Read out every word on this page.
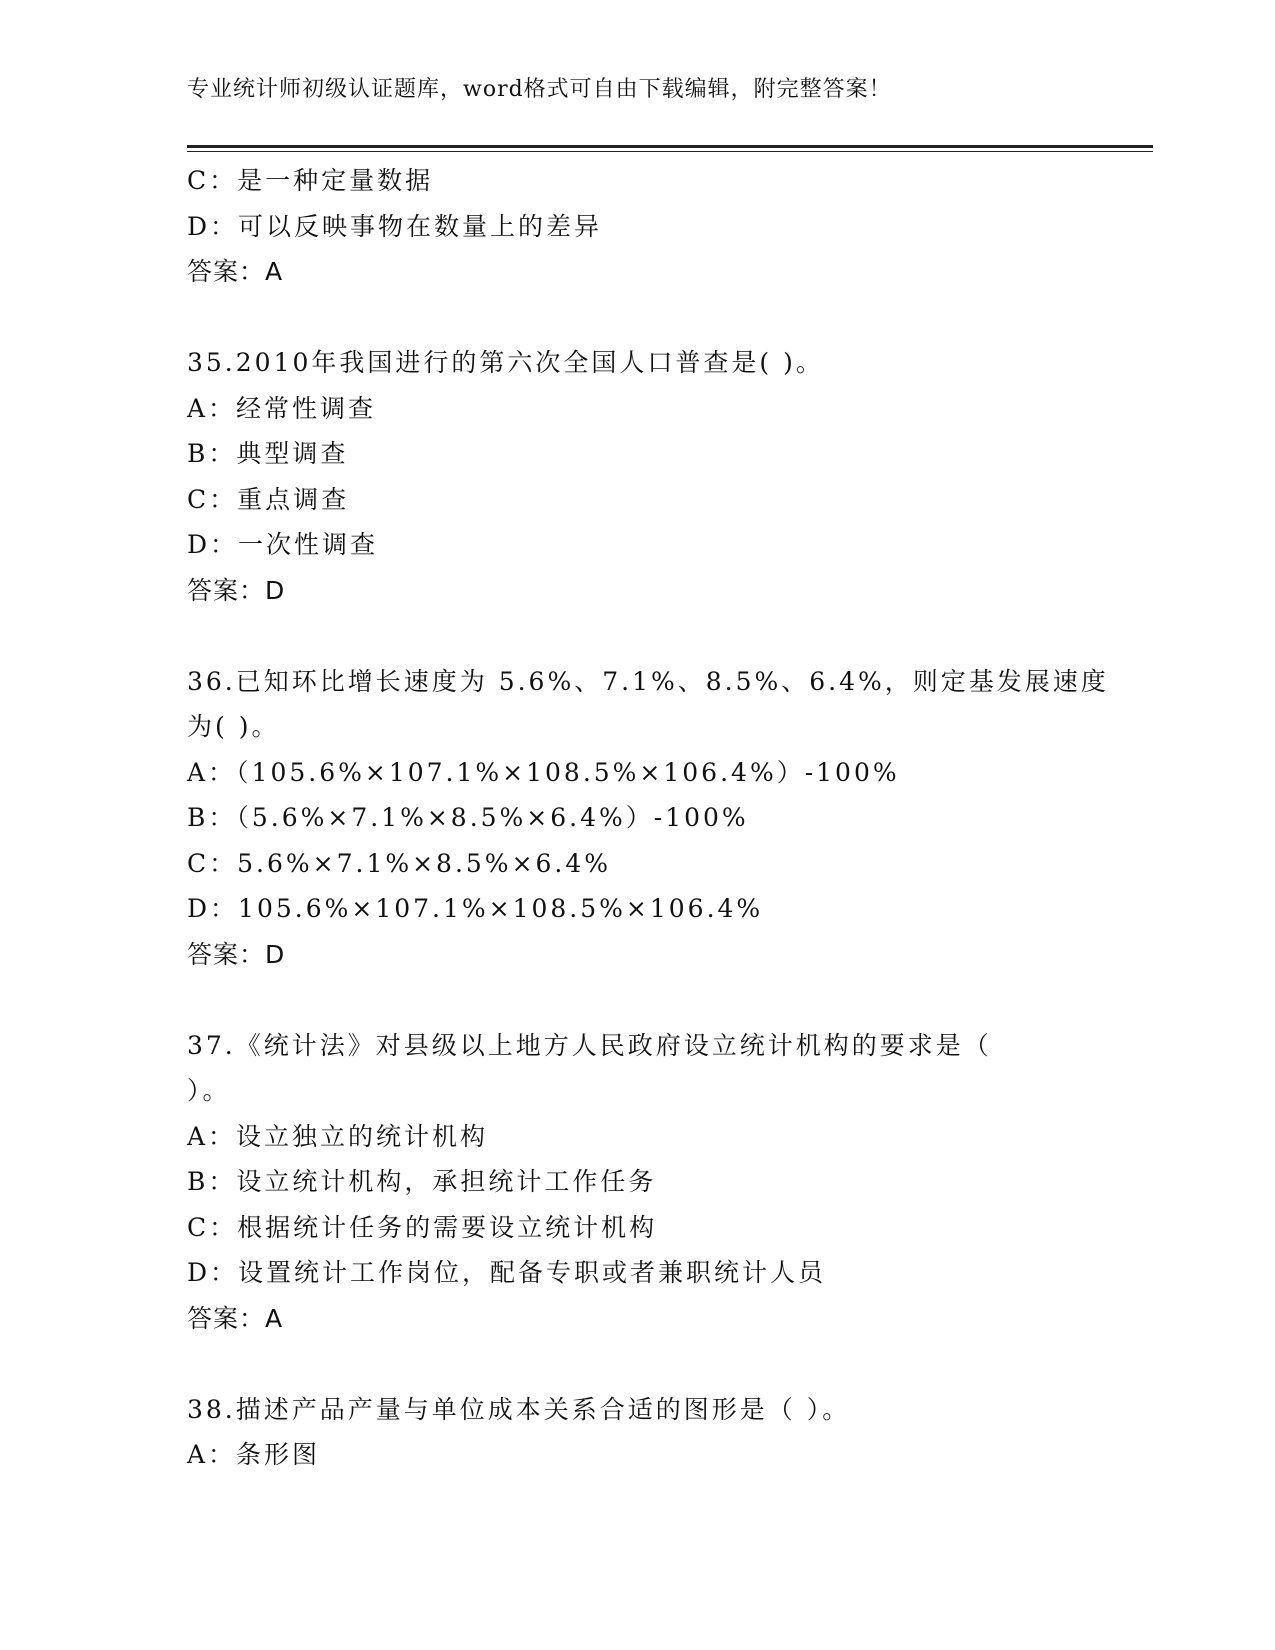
专业统计师初级认证题库，word格式可自由下载编辑，附完整答案！
C：是一种定量数据
D：可以反映事物在数量上的差异
答案：A
35.2010年我国进行的第六次全国人口普查是( )。
A：经常性调查
B：典型调查
C：重点调查
D：一次性调查
答案：D
36.已知环比增长速度为 5.6%、7.1%、8.5%、6.4%，则定基发展速度
为( )。
A：（105.6%×107.1%×108.5%×106.4%）-100%
B：（5.6%×7.1%×8.5%×6.4%）-100%
C：5.6%×7.1%×8.5%×6.4%
D：105.6%×107.1%×108.5%×106.4%
答案：D
37.《统计法》对县级以上地方人民政府设立统计机构的要求是（
）。
A：设立独立的统计机构
B：设立统计机构，承担统计工作任务
C：根据统计任务的需要设立统计机构
D：设置统计工作岗位，配备专职或者兼职统计人员
答案：A
38.描述产品产量与单位成本关系合适的图形是（ ）。
A：条形图
